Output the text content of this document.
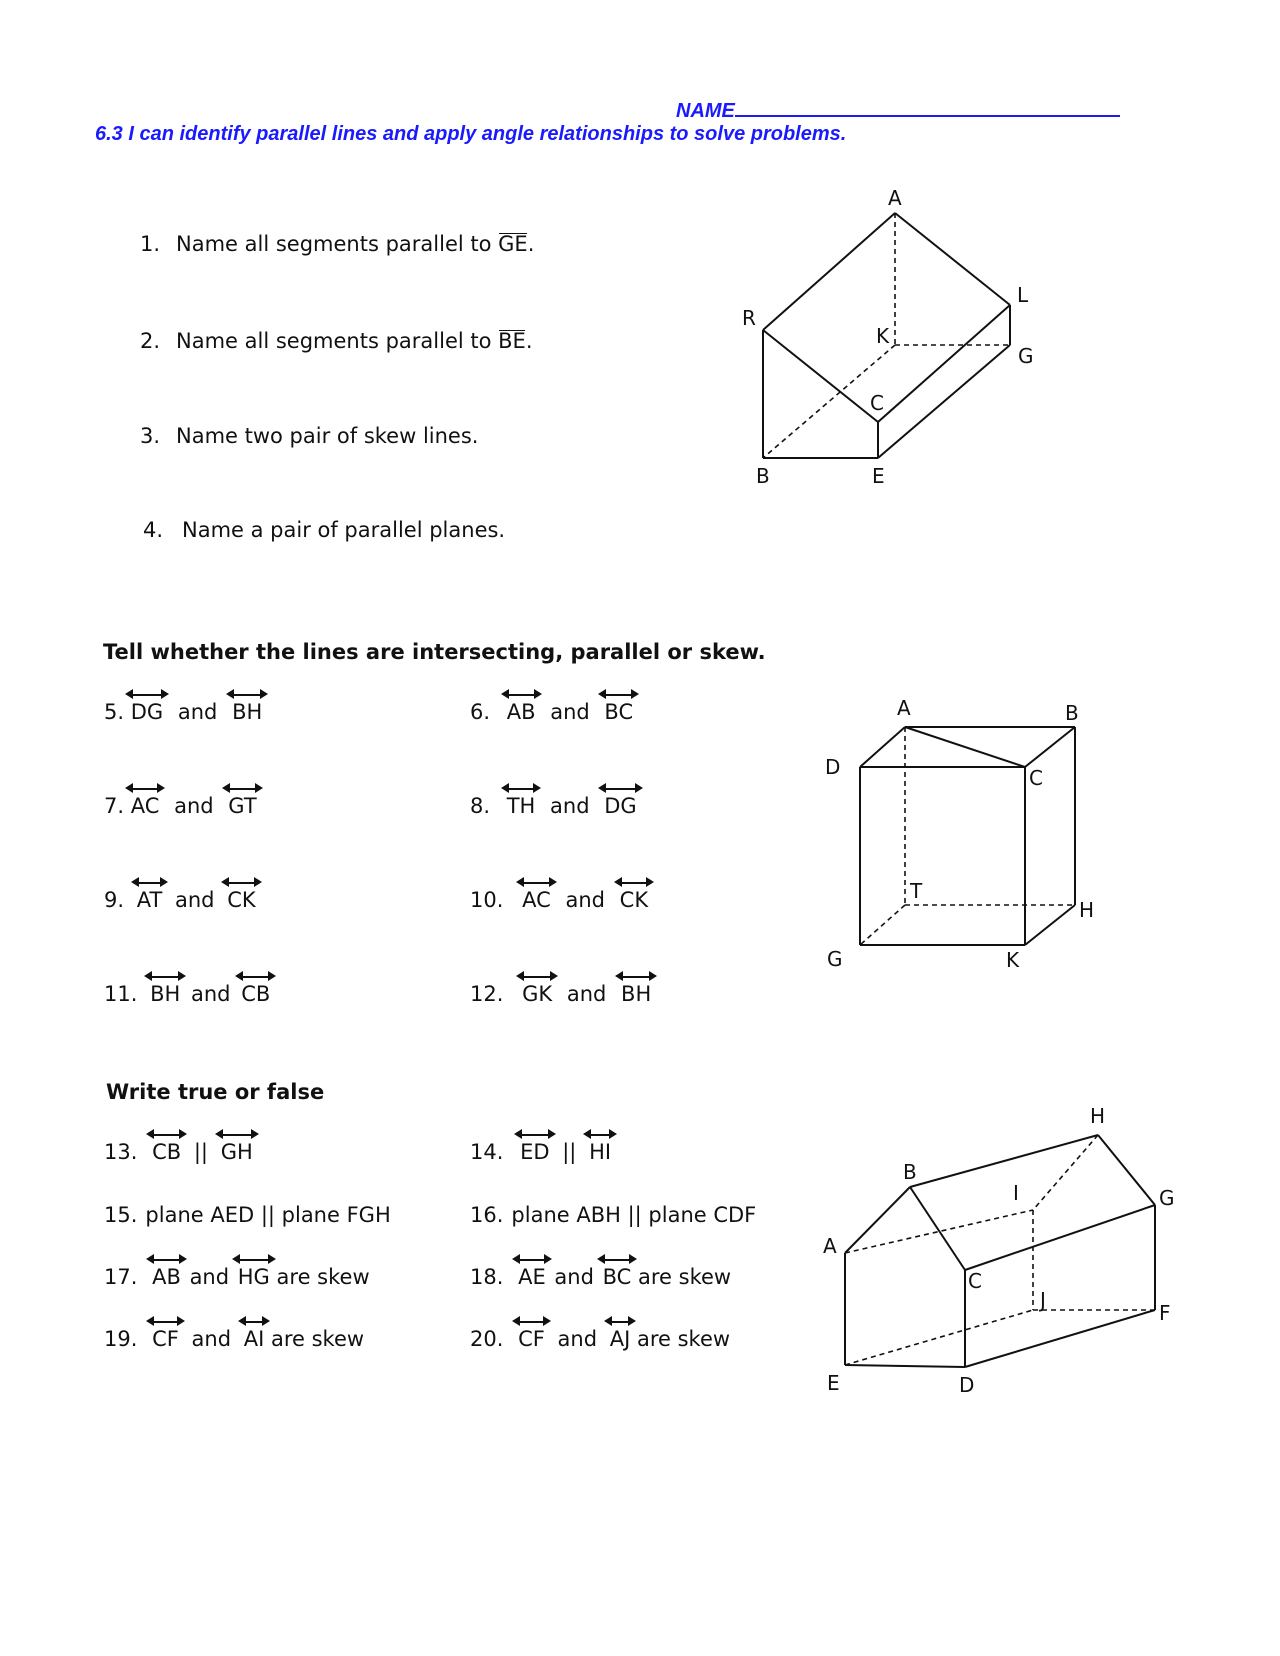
NAME
6.3 I can identify parallel lines and apply angle relationships to solve problems.
1. Name all segments parallel to GE.
2. Name all segments parallel to BE.
3. Name two pair of skew lines.
4. Name a pair of parallel planes.
A
L
R
K
G
C
B	E
Tell whether the lines are intersecting, parallel or skew.
5. DG and BH	6. AB and BC
7. AC and GT	8. TH and DG
9. AT and CK	10. AC and CK
11. BH and CB	12. GK and BH
A	B
D	C
T
H
G	K
Write true or false
13. CB || GH	14. ED || HI
15. plane AED || plane FGH	16. plane ABH || plane CDF
17. AB and HG are skew	18. AE and BC are skew
19. CF and AI are skew	20. CF and AJ are skew
H
B
I	G
A
C
J
F
E	D
